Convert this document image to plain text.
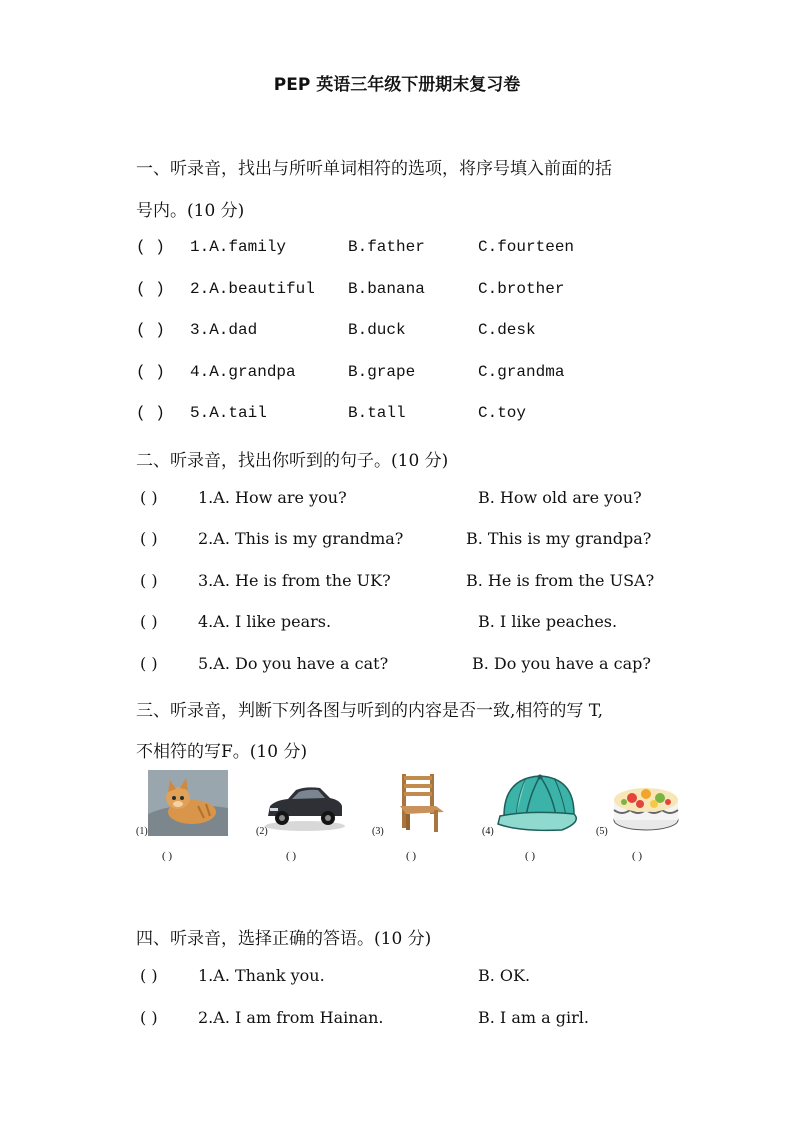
PEP 英语三年级下册期末复习卷
一、听录音，找出与所听单词相符的选项，将序号填入前面的括
号内。(10 分)
( ) 1.A.family	B.father	C.fourteen
( ) 2.A.beautiful B.banana	C.brother
( ) 3.A.dad	B.duck	C.desk
( ) 4.A.grandpa	B.grape	C.grandma
( ) 5.A.tail	B.tall	C.toy
二、听录音，找出你听到的句子。(10 分)
( )	1.A. How are you?	B. How old are you?
( )	2.A. This is my grandma?	B. This is my grandpa?
( )	3.A. He is from the UK?	B. He is from the USA?
( )	4.A. I like pears.	B. I like peaches.
( )	5.A. Do you have a cat?	B. Do you have a cap?
三、听录音，判断下列各图与听到的内容是否一致,相符的写 T,
不相符的写F。(10 分)
(1)
( )
(2)
( )
(3)
( )
(4)
( )
(5)
( )
四、听录音，选择正确的答语。(10 分)
( )	1.A. Thank you.	B. OK.
( )	2.A. I am from Hainan.	B. I am a girl.
